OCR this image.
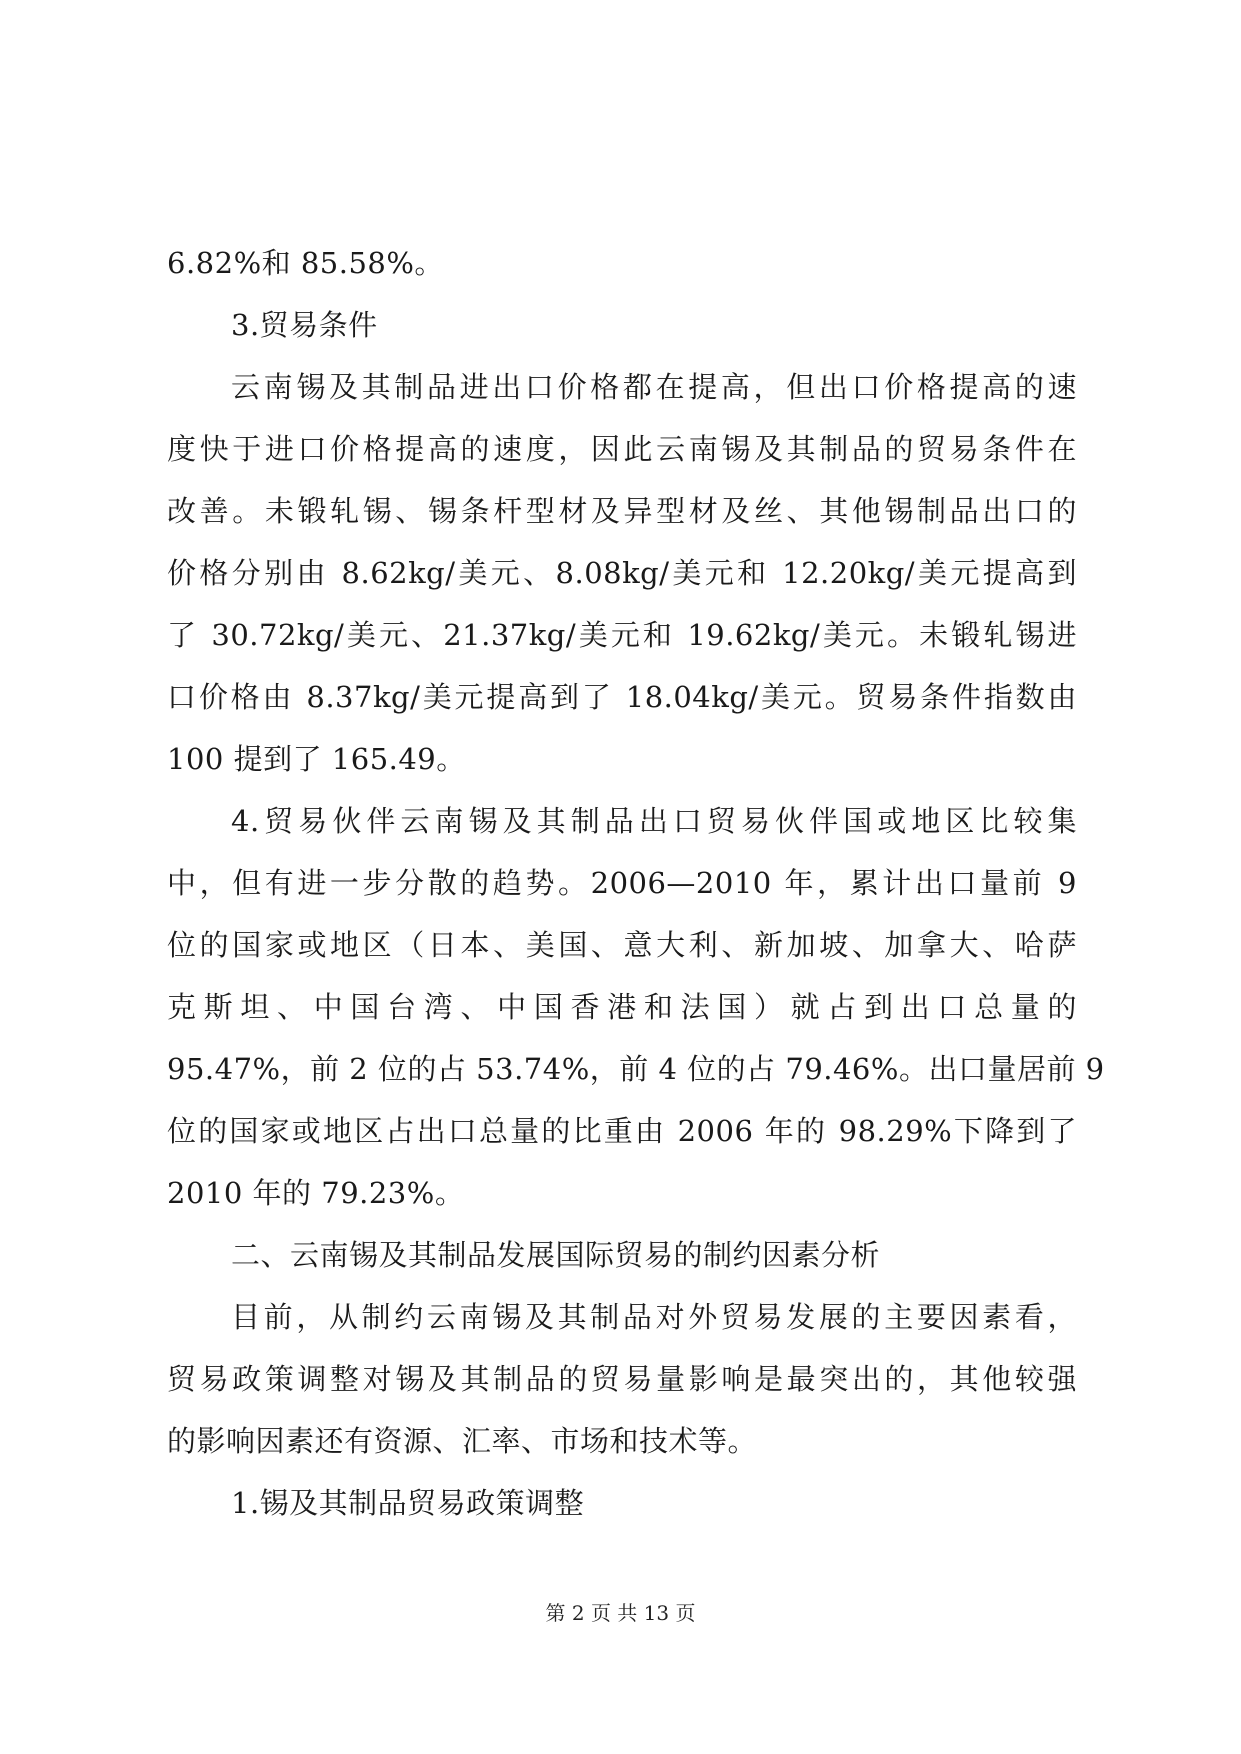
6.82%和 85.58%。
3.贸易条件
云南锡及其制品进出口价格都在提高，但出口价格提高的速
度快于进口价格提高的速度，因此云南锡及其制品的贸易条件在
改善。未锻轧锡、锡条杆型材及异型材及丝、其他锡制品出口的
价格分别由 8.62kg/美元、8.08kg/美元和 12.20kg/美元提高到
了 30.72kg/美元、21.37kg/美元和 19.62kg/美元。未锻轧锡进
口价格由 8.37kg/美元提高到了 18.04kg/美元。贸易条件指数由
100 提到了 165.49。
4.贸易伙伴云南锡及其制品出口贸易伙伴国或地区比较集
中，但有进一步分散的趋势。2006—2010 年，累计出口量前 9
位的国家或地区（日本、美国、意大利、新加坡、加拿大、哈萨
克斯坦、中国台湾、中国香港和法国）就占到出口总量的
95.47%，前 2 位的占 53.74%，前 4 位的占 79.46%。出口量居前 9
位的国家或地区占出口总量的比重由 2006 年的 98.29%下降到了
2010 年的 79.23%。
二、云南锡及其制品发展国际贸易的制约因素分析
目前，从制约云南锡及其制品对外贸易发展的主要因素看，
贸易政策调整对锡及其制品的贸易量影响是最突出的，其他较强
的影响因素还有资源、汇率、市场和技术等。
1.锡及其制品贸易政策调整
第 2 页 共 13 页
